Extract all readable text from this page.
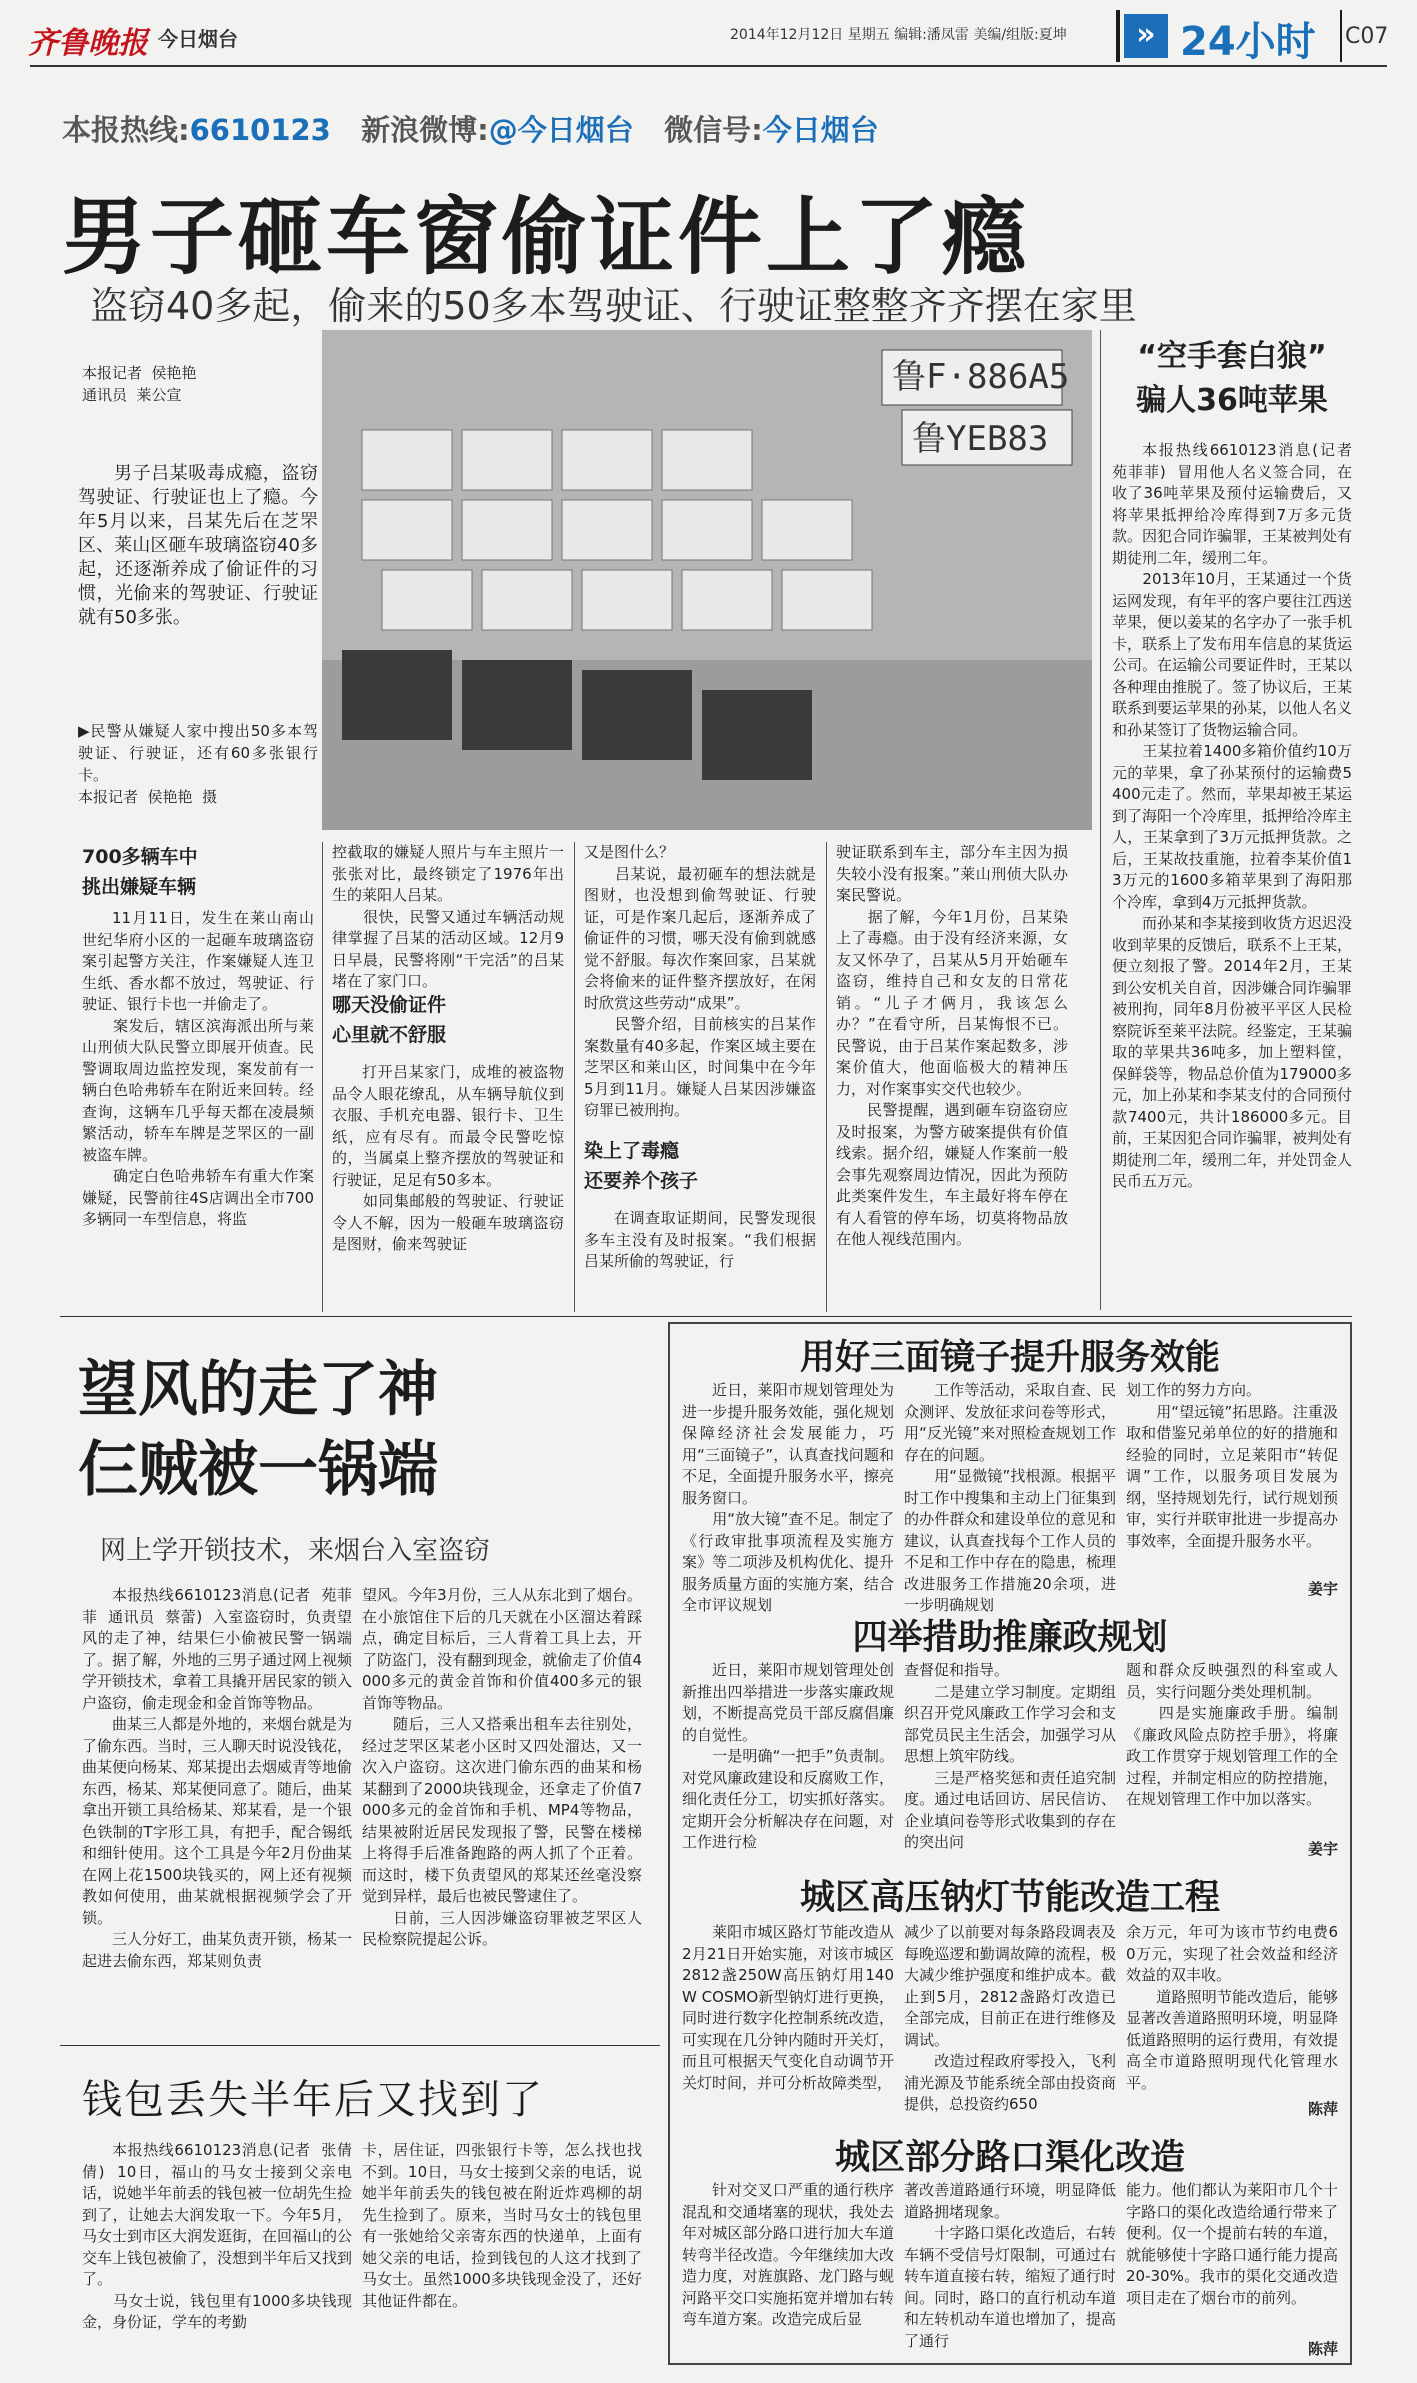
齐鲁晚报 今日烟台	2014年12月12日 星期五 编辑:潘凤雷 美编/组版:夏坤	» 24小时 C07
本报热线:6610123 新浪微博:@今日烟台 微信号:今日烟台
男子砸车窗偷证件上了瘾
盗窃40多起，偷来的50多本驾驶证、行驶证整整齐齐摆在家里
本报记者  侯艳艳
通讯员  莱公宣
男子吕某吸毒成瘾，盗窃驾驶证、行驶证也上了瘾。今年5月以来，吕某先后在芝罘区、莱山区砸车玻璃盗窃40多起，还逐渐养成了偷证件的习惯，光偷来的驾驶证、行驶证就有50多张。
▶民警从嫌疑人家中搜出50多本驾驶证、行驶证，还有60多张银行卡。
本报记者  侯艳艳  摄
鲁F·886A5
鲁YEB83
700多辆车中
挑出嫌疑车辆
11月11日，发生在莱山南山世纪华府小区的一起砸车玻璃盗窃案引起警方关注，作案嫌疑人连卫生纸、香水都不放过，驾驶证、行驶证、银行卡也一并偷走了。
　　案发后，辖区滨海派出所与莱山刑侦大队民警立即展开侦查。民警调取周边监控发现，案发前有一辆白色哈弗轿车在附近来回转。经查询，这辆车几乎每天都在凌晨频繁活动，轿车车牌是芝罘区的一副被盗车牌。
　　确定白色哈弗轿车有重大作案嫌疑，民警前往4S店调出全市700多辆同一车型信息，将监
控截取的嫌疑人照片与车主照片一张张对比，最终锁定了1976年出生的莱阳人吕某。
　　很快，民警又通过车辆活动规律掌握了吕某的活动区域。12月9日早晨，民警将刚“干完活”的吕某堵在了家门口。
哪天没偷证件
心里就不舒服
打开吕某家门，成堆的被盗物品令人眼花缭乱，从车辆导航仪到衣服、手机充电器、银行卡、卫生纸，应有尽有。而最令民警吃惊的，当属桌上整齐摆放的驾驶证和行驶证，足足有50多本。
　　如同集邮般的驾驶证、行驶证令人不解，因为一般砸车玻璃盗窃是图财，偷来驾驶证
又是图什么？
　　吕某说，最初砸车的想法就是图财，也没想到偷驾驶证、行驶证，可是作案几起后，逐渐养成了偷证件的习惯，哪天没有偷到就感觉不舒服。每次作案回家，吕某就会将偷来的证件整齐摆放好，在闲时欣赏这些劳动“成果”。
　　民警介绍，目前核实的吕某作案数量有40多起，作案区域主要在芝罘区和莱山区，时间集中在今年5月到11月。嫌疑人吕某因涉嫌盗窃罪已被刑拘。
染上了毒瘾
还要养个孩子
在调查取证期间，民警发现很多车主没有及时报案。“我们根据吕某所偷的驾驶证，行
驶证联系到车主，部分车主因为损失较小没有报案。”莱山刑侦大队办案民警说。
　　据了解，今年1月份，吕某染上了毒瘾。由于没有经济来源，女友又怀孕了，吕某从5月开始砸车盗窃，维持自己和女友的日常花销。“儿子才俩月，我该怎么办？”在看守所，吕某悔恨不已。民警说，由于吕某作案起数多，涉案价值大，他面临极大的精神压力，对作案事实交代也较少。
　　民警提醒，遇到砸车窃盗窃应及时报案，为警方破案提供有价值线索。据介绍，嫌疑人作案前一般会事先观察周边情况，因此为预防此类案件发生，车主最好将车停在有人看管的停车场，切莫将物品放在他人视线范围内。
“空手套白狼”
骗人36吨苹果
本报热线6610123消息(记者  苑菲菲)  冒用他人名义签合同，在收了36吨苹果及预付运输费后，又将苹果抵押给冷库得到7万多元货款。因犯合同诈骗罪，王某被判处有期徒刑二年，缓刑二年。
　　2013年10月，王某通过一个货运网发现，有年平的客户要往江西送苹果，便以姜某的名字办了一张手机卡，联系上了发布用车信息的某货运公司。在运输公司要证件时，王某以各种理由推脱了。签了协议后，王某联系到要运苹果的孙某，以他人名义和孙某签订了货物运输合同。
　　王某拉着1400多箱价值约10万元的苹果，拿了孙某预付的运输费5400元走了。然而，苹果却被王某运到了海阳一个冷库里，抵押给冷库主人，王某拿到了3万元抵押货款。之后，王某故技重施，拉着李某价值13万元的1600多箱苹果到了海阳那个冷库，拿到4万元抵押货款。
　　而孙某和李某接到收货方迟迟没收到苹果的反馈后，联系不上王某，便立刻报了警。2014年2月，王某到公安机关自首，因涉嫌合同诈骗罪被刑拘，同年8月份被平平区人民检察院诉至莱平法院。经鉴定，王某骗取的苹果共36吨多，加上塑料筐，保鲜袋等，物品总价值为179000多元，加上孙某和李某支付的合同预付款7400元，共计186000多元。目前，王某因犯合同诈骗罪，被判处有期徒刑二年，缓刑二年，并处罚金人民币五万元。
望风的走了神
仨贼被一锅端
网上学开锁技术，来烟台入室盗窃
本报热线6610123消息(记者  苑菲菲  通讯员  蔡蕾)  入室盗窃时，负责望风的走了神，结果仨小偷被民警一锅端了。据了解，外地的三男子通过网上视频学开锁技术，拿着工具撬开居民家的锁入户盗窃，偷走现金和金首饰等物品。
　　曲某三人都是外地的，来烟台就是为了偷东西。当时，三人聊天时说没钱花，曲某便向杨某、郑某提出去烟威青等地偷东西，杨某、郑某便同意了。随后，曲某拿出开锁工具给杨某、郑某看，是一个银色铁制的T字形工具，有把手，配合锡纸和细针使用。这个工具是今年2月份曲某在网上花1500块钱买的，网上还有视频教如何使用，曲某就根据视频学会了开锁。
　　三人分好工，曲某负责开锁，杨某一起进去偷东西，郑某则负责
望风。今年3月份，三人从东北到了烟台。在小旅馆住下后的几天就在小区溜达着踩点，确定目标后，三人背着工具上去，开了防盗门，没有翻到现金，就偷走了价值4000多元的黄金首饰和价值400多元的银首饰等物品。
　　随后，三人又搭乘出租车去往别处，经过芝罘区某老小区时又四处溜达，又一次入户盗窃。这次进门偷东西的曲某和杨某翻到了2000块钱现金，还拿走了价值7000多元的金首饰和手机、MP4等物品，结果被附近居民发现报了警，民警在楼梯上将得手后准备跑路的两人抓了个正着。而这时，楼下负责望风的郑某还丝毫没察觉到异样，最后也被民警逮住了。
　　日前，三人因涉嫌盗窃罪被芝罘区人民检察院提起公诉。
钱包丢失半年后又找到了
本报热线6610123消息(记者  张倩倩)  10日，福山的马女士接到父亲电话，说她半年前丢的钱包被一位胡先生捡到了，让她去大润发取一下。今年5月，马女士到市区大润发逛街，在回福山的公交车上钱包被偷了，没想到半年后又找到了。
　　马女士说，钱包里有1000多块钱现金，身份证，学车的考勤
卡，居住证，四张银行卡等，怎么找也找不到。10日，马女士接到父亲的电话，说她半年前丢失的钱包被在附近炸鸡柳的胡先生捡到了。原来，当时马女士的钱包里有一张她给父亲寄东西的快递单，上面有她父亲的电话，捡到钱包的人这才找到了马女士。虽然1000多块钱现金没了，还好其他证件都在。
用好三面镜子提升服务效能
近日，莱阳市规划管理处为进一步提升服务效能，强化规划保障经济社会发展能力，巧用“三面镜子”，认真查找问题和不足，全面提升服务水平，擦亮服务窗口。
　　用“放大镜”查不足。制定了《行政审批事项流程及实施方案》等二项涉及机构优化、提升服务质量方面的实施方案，结合全市评议规划
工作等活动，采取自查、民众测评、发放征求问卷等形式，用“反光镜”来对照检查规划工作存在的问题。
　　用“显微镜”找根源。根据平时工作中搜集和主动上门征集到的办件群众和建设单位的意见和建议，认真查找每个工作人员的不足和工作中存在的隐患，梳理改进服务工作措施20余项，进一步明确规划
划工作的努力方向。
　　用“望远镜”拓思路。注重汲取和借鉴兄弟单位的好的措施和经验的同时，立足莱阳市“转促调”工作，以服务项目发展为纲，坚持规划先行，试行规划预审，实行并联审批进一步提高办事效率，全面提升服务水平。
姜宇
四举措助推廉政规划
近日，莱阳市规划管理处创新推出四举措进一步落实廉政规划，不断提高党员干部反腐倡廉的自觉性。
　　一是明确“一把手”负责制。对党风廉政建设和反腐败工作，细化责任分工，切实抓好落实。定期开会分析解决存在问题，对工作进行检
查督促和指导。
　　二是建立学习制度。定期组织召开党风廉政工作学习会和支部党员民主生活会，加强学习从思想上筑牢防线。
　　三是严格奖惩和责任追究制度。通过电话回访、居民信访、企业填问卷等形式收集到的存在的突出问
题和群众反映强烈的科室或人员，实行问题分类处理机制。
　　四是实施廉政手册。编制《廉政风险点防控手册》，将廉政工作贯穿于规划管理工作的全过程，并制定相应的防控措施，在规划管理工作中加以落实。
姜宇
城区高压钠灯节能改造工程
莱阳市城区路灯节能改造从2月21日开始实施，对该市城区2812盏250W高压钠灯用140W COSMO新型钠灯进行更换，同时进行数字化控制系统改造，可实现在几分钟内随时开关灯，而且可根据天气变化自动调节开关灯时间，并可分析故障类型，
减少了以前要对每条路段调表及每晚巡逻和勤调故障的流程，极大减少维护强度和维护成本。截止到5月，2812盏路灯改造已全部完成，目前正在进行维修及调试。
　　改造过程政府零投入，飞利浦光源及节能系统全部由投资商提供，总投资约650
余万元，年可为该市节约电费60万元，实现了社会效益和经济效益的双丰收。
　　道路照明节能改造后，能够显著改善道路照明环境，明显降低道路照明的运行费用，有效提高全市道路照明现代化管理水平。
陈萍
城区部分路口渠化改造
针对交叉口严重的通行秩序混乱和交通堵塞的现状，我处去年对城区部分路口进行加大车道转弯半径改造。今年继续加大改造力度，对旌旗路、龙门路与蚬河路平交口实施拓宽并增加右转弯车道方案。改造完成后显
著改善道路通行环境，明显降低道路拥堵现象。
　　十字路口渠化改造后，右转车辆不受信号灯限制，可通过右转车道直接右转，缩短了通行时间。同时，路口的直行机动车道和左转机动车道也增加了，提高了通行
能力。他们都认为莱阳市几个十字路口的渠化改造给通行带来了便利。仅一个提前右转的车道，就能够使十字路口通行能力提高20-30%。我市的渠化交通改造项目走在了烟台市的前列。
陈萍
